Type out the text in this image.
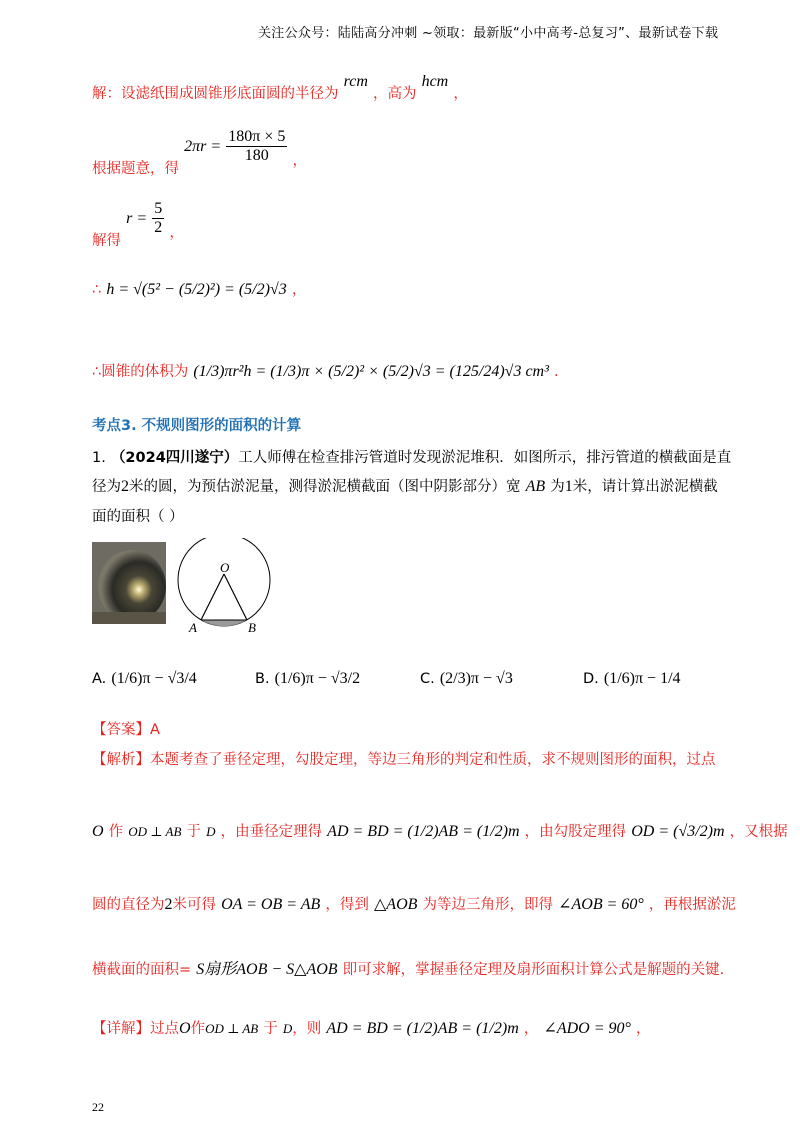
关注公众号：陆陆高分冲刺 ~领取：最新版“小中高考-总复习”、最新试卷下载
解：设滤纸围成圆锥形底面圆的半径为 rcm ，高为 hcm ，
根据题意，得 $2\pi r = \frac{180\pi \times 5}{180}$ ，
解得 $r = \frac{5}{2}$ ，
∴ h = √(5² − (5/2)²) = (5/2)√3 ，
∴圆锥的体积为 (1/3)πr²h = (1/3)π × (5/2)² × (5/2)√3 = (125/24)√3 cm³ .
考点3. 不规则图形的面积的计算
1. （2024四川遂宁）工人师傅在检查排污管道时发现淤泥堆积．如图所示，排污管道的横截面是直
径为2米的圆，为预估淤泥量，测得淤泥横截面（图中阴影部分）宽 AB 为1米，请计算出淤泥横截
面的面积（ ）
O
A	B
A. (1/6)π − √3/4	B. (1/6)π − √3/2	C. (2/3)π − √3	D. (1/6)π − 1/4
【答案】A
【解析】本题考查了垂径定理，勾股定理，等边三角形的判定和性质，求不规则图形的面积，过点
O 作 OD ⊥ AB 于 D ，由垂径定理得 AD = BD = (1/2)AB = (1/2)m ，由勾股定理得 OD = (√3/2)m ，又根据
圆的直径为2米可得 OA = OB = AB ，得到 △AOB 为等边三角形，即得 ∠AOB = 60° ，再根据淤泥
横截面的面积= S扇形AOB − S△AOB 即可求解，掌握垂径定理及扇形面积计算公式是解题的关键.
【详解】过点O作OD ⊥ AB 于 D，则 AD = BD = (1/2)AB = (1/2)m ， ∠ADO = 90° ，
22
